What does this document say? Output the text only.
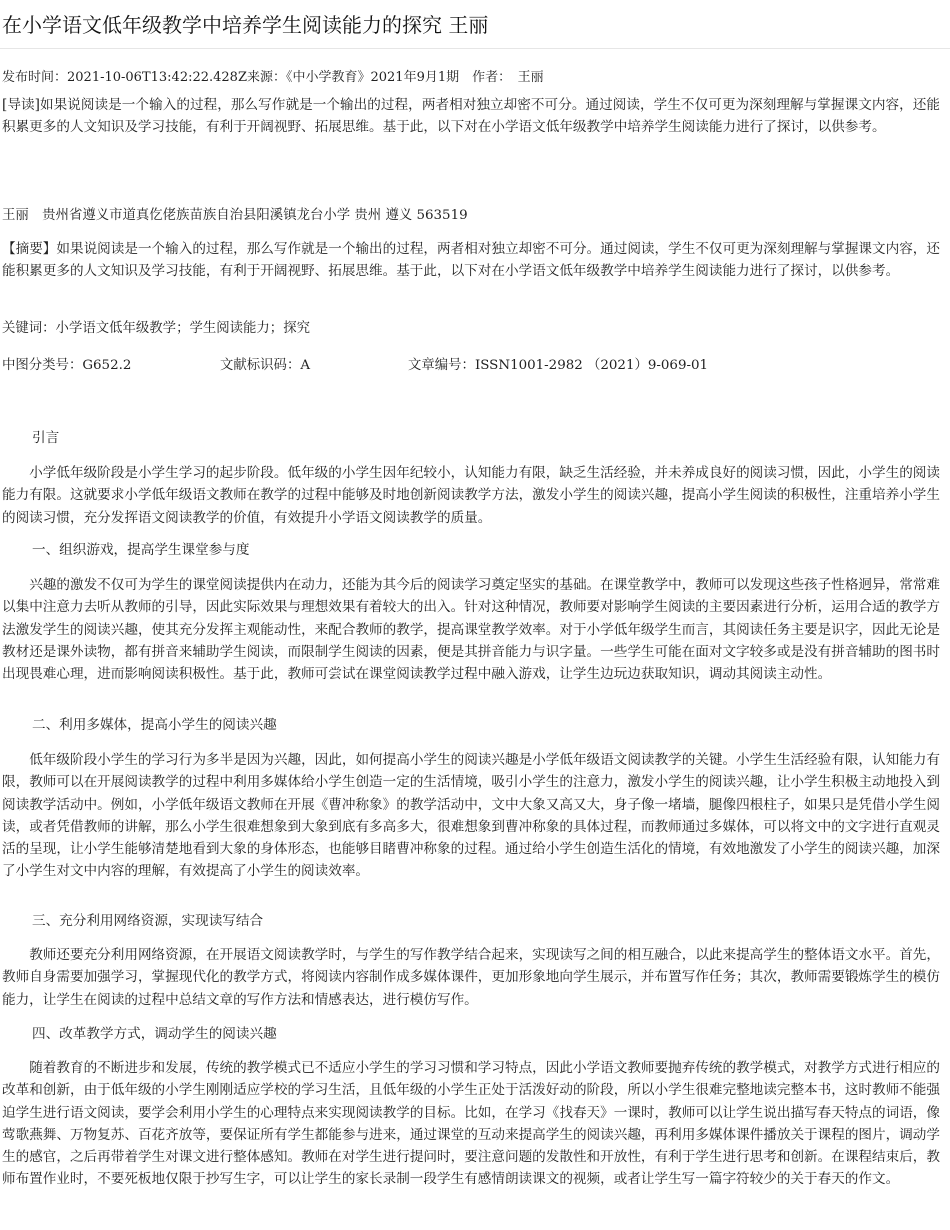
在小学语文低年级教学中培养学生阅读能力的探究 王丽
发布时间：2021-10-06T13:42:22.428Z来源：《中小学教育》2021年9月1期　作者：　王丽

[导读]如果说阅读是一个输入的过程，那么写作就是一个输出的过程，两者相对独立却密不可分。通过阅读，学生不仅可更为深刻理解与掌握课文内容，还能积累更多的人文知识及学习技能，有利于开阔视野、拓展思维。基于此，以下对在小学语文低年级教学中培养学生阅读能力进行了探讨，以供参考。

王丽　贵州省遵义市道真仡佬族苗族自治县阳溪镇龙台小学 贵州 遵义 563519

【摘要】如果说阅读是一个输入的过程，那么写作就是一个输出的过程，两者相对独立却密不可分。通过阅读，学生不仅可更为深刻理解与掌握课文内容，还能积累更多的人文知识及学习技能，有利于开阔视野、拓展思维。基于此，以下对在小学语文低年级教学中培养学生阅读能力进行了探讨，以供参考。

关键词：小学语文低年级教学；学生阅读能力；探究
中图分类号：G652.2	文献标识码：A	文章编号：ISSN1001-2982 （2021）9-069-01
引言

小学低年级阶段是小学生学习的起步阶段。低年级的小学生因年纪较小，认知能力有限，缺乏生活经验，并未养成良好的阅读习惯，因此，小学生的阅读能力有限。这就要求小学低年级语文教师在教学的过程中能够及时地创新阅读教学方法，激发小学生的阅读兴趣，提高小学生阅读的积极性，注重培养小学生的阅读习惯，充分发挥语文阅读教学的价值，有效提升小学语文阅读教学的质量。

一、组织游戏，提高学生课堂参与度

兴趣的激发不仅可为学生的课堂阅读提供内在动力，还能为其今后的阅读学习奠定坚实的基础。在课堂教学中，教师可以发现这些孩子性格迥异，常常难以集中注意力去听从教师的引导，因此实际效果与理想效果有着较大的出入。针对这种情况，教师要对影响学生阅读的主要因素进行分析，运用合适的教学方法激发学生的阅读兴趣，使其充分发挥主观能动性，来配合教师的教学，提高课堂教学效率。对于小学低年级学生而言，其阅读任务主要是识字，因此无论是教材还是课外读物，都有拼音来辅助学生阅读，而限制学生阅读的因素，便是其拼音能力与识字量。一些学生可能在面对文字较多或是没有拼音辅助的图书时出现畏难心理，进而影响阅读积极性。基于此，教师可尝试在课堂阅读教学过程中融入游戏，让学生边玩边获取知识，调动其阅读主动性。

二、利用多媒体，提高小学生的阅读兴趣

低年级阶段小学生的学习行为多半是因为兴趣，因此，如何提高小学生的阅读兴趣是小学低年级语文阅读教学的关键。小学生生活经验有限，认知能力有限，教师可以在开展阅读教学的过程中利用多媒体给小学生创造一定的生活情境，吸引小学生的注意力，激发小学生的阅读兴趣，让小学生积极主动地投入到阅读教学活动中。例如，小学低年级语文教师在开展《曹冲称象》的教学活动中，文中大象又高又大，身子像一堵墙，腿像四根柱子，如果只是凭借小学生阅读，或者凭借教师的讲解，那么小学生很难想象到大象到底有多高多大，很难想象到曹冲称象的具体过程，而教师通过多媒体，可以将文中的文字进行直观灵活的呈现，让小学生能够清楚地看到大象的身体形态，也能够目睹曹冲称象的过程。通过给小学生创造生活化的情境，有效地激发了小学生的阅读兴趣，加深了小学生对文中内容的理解，有效提高了小学生的阅读效率。

三、充分利用网络资源，实现读写结合

教师还要充分利用网络资源，在开展语文阅读教学时，与学生的写作教学结合起来，实现读写之间的相互融合，以此来提高学生的整体语文水平。首先，教师自身需要加强学习，掌握现代化的教学方式，将阅读内容制作成多媒体课件，更加形象地向学生展示，并布置写作任务；其次，教师需要锻炼学生的模仿能力，让学生在阅读的过程中总结文章的写作方法和情感表达，进行模仿写作。

四、改革教学方式，调动学生的阅读兴趣

随着教育的不断进步和发展，传统的教学模式已不适应小学生的学习习惯和学习特点，因此小学语文教师要抛弃传统的教学模式，对教学方式进行相应的改革和创新，由于低年级的小学生刚刚适应学校的学习生活，且低年级的小学生正处于活泼好动的阶段，所以小学生很难完整地读完整本书，这时教师不能强迫学生进行语文阅读，要学会利用小学生的心理特点来实现阅读教学的目标。比如，在学习《找春天》一课时，教师可以让学生说出描写春天特点的词语，像莺歌燕舞、万物复苏、百花齐放等，要保证所有学生都能参与进来，通过课堂的互动来提高学生的阅读兴趣，再利用多媒体课件播放关于课程的图片，调动学生的感官，之后再带着学生对课文进行整体感知。教师在对学生进行提问时，要注意问题的发散性和开放性，有利于学生进行思考和创新。在课程结束后，教师布置作业时，不要死板地仅限于抄写生字，可以让学生的家长录制一段学生有感情朗读课文的视频，或者让学生写一篇字符较少的关于春天的作文。
